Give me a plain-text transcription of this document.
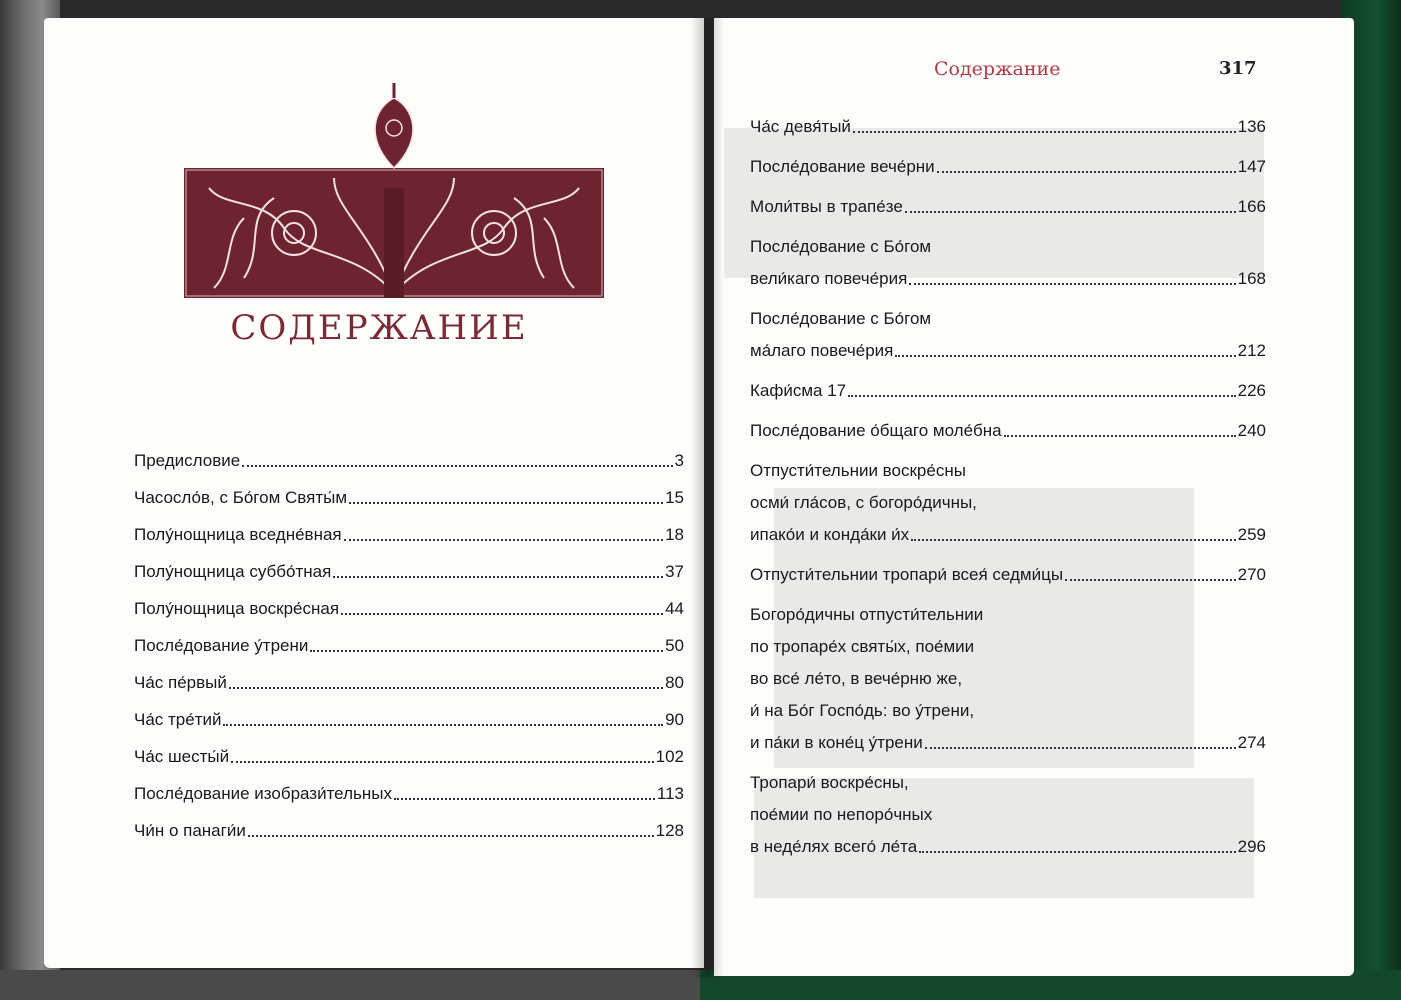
СОДЕРЖАНИЕ
Предисловие	3
Часосло́в, с Бо́гом Святы́м	15
Полу́нощница вседне́вная	18
Полу́нощница суббо́тная	37
Полу́нощница воскре́сная	44
После́дование у́трени	50
Ча́с пе́рвый	80
Ча́с тре́тий	90
Ча́с шесты́й	102
После́дование изобрази́тельных	113
Чи́н о панаги́и	128
Содержание	317
Ча́с девя́тый	136
После́дование вече́рни	147
Моли́твы в трапе́зе	166
После́дование с Бо́гом
вели́каго повече́рия	168
После́дование с Бо́гом
ма́лаго повече́рия	212
Кафи́сма 17	226
После́дование о́бщаго моле́бна	240
Отпусти́тельнии воскре́сны
осми́ гла́сов, с богоро́дичны,
ипако́и и конда́ки и́х	259
Отпусти́тельнии тропари́ всея́ седми́цы	270
Богоро́дичны отпусти́тельнии
по тропаре́х святы́х, пое́мии
во все́ ле́то, в вече́рню же,
и́ на Бо́г Госпо́дь: во у́трени,
и па́ки в коне́ц у́трени	274
Тропари́ воскре́сны,
пое́мии по непоро́чных
в неде́лях всего́ ле́та	296
